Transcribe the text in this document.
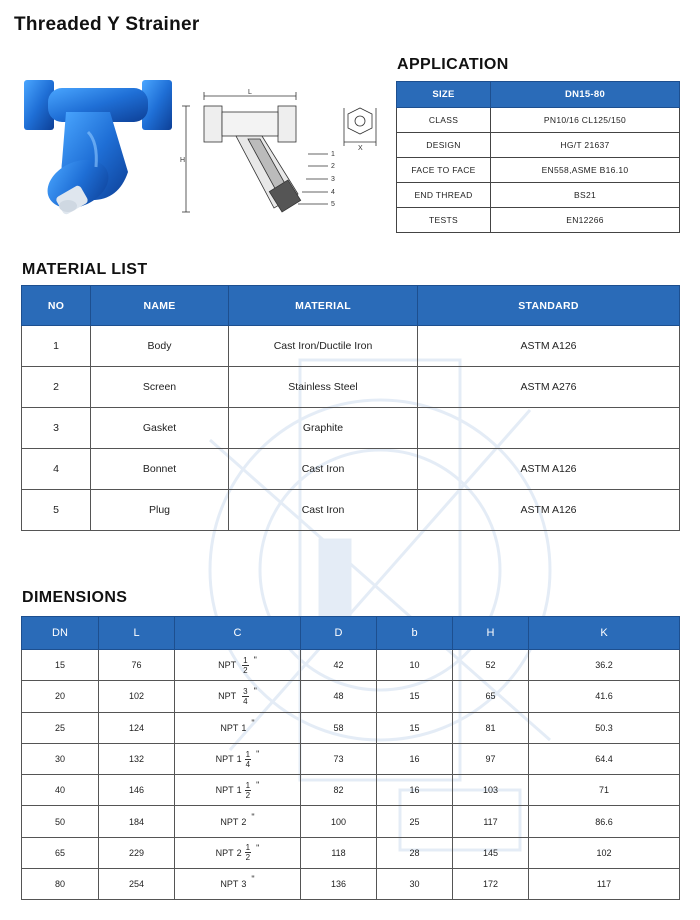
Threaded Y Strainer
L
H
X
1
2
3
4
5
APPLICATION
SIZE	DN15-80
CLASS	PN10/16 CL125/150
DESIGN	HG/T 21637
FACE TO FACE	EN558,ASME B16.10
END THREAD	BS21
TESTS	EN12266
MATERIAL LIST
NO	NAME	MATERIAL	STANDARD
1	Body	Cast Iron/Ductile Iron	ASTM A126
2	Screen	Stainless Steel	ASTM A276
3	Gasket	Graphite	
4	Bonnet	Cast Iron	ASTM A126
5	Plug	Cast Iron	ASTM A126
DIMENSIONS
DN	L	C	D	b	H	K
15	76	NPT $\frac{1}{2}$ "	42	10	52	36.2
20	102	NPT $\frac{3}{4}$ "	48	15	65	41.6
25	124	NPT 1 "	58	15	81	50.3
30	132	NPT $1 \frac{1}{4}$ "	73	16	97	64.4
40	146	NPT $1 \frac{1}{2}$ "	82	16	103	71
50	184	NPT 2 "	100	25	117	86.6
65	229	NPT $2 \frac{1}{2}$ "	118	28	145	102
80	254	NPT 3 "	136	30	172	117
